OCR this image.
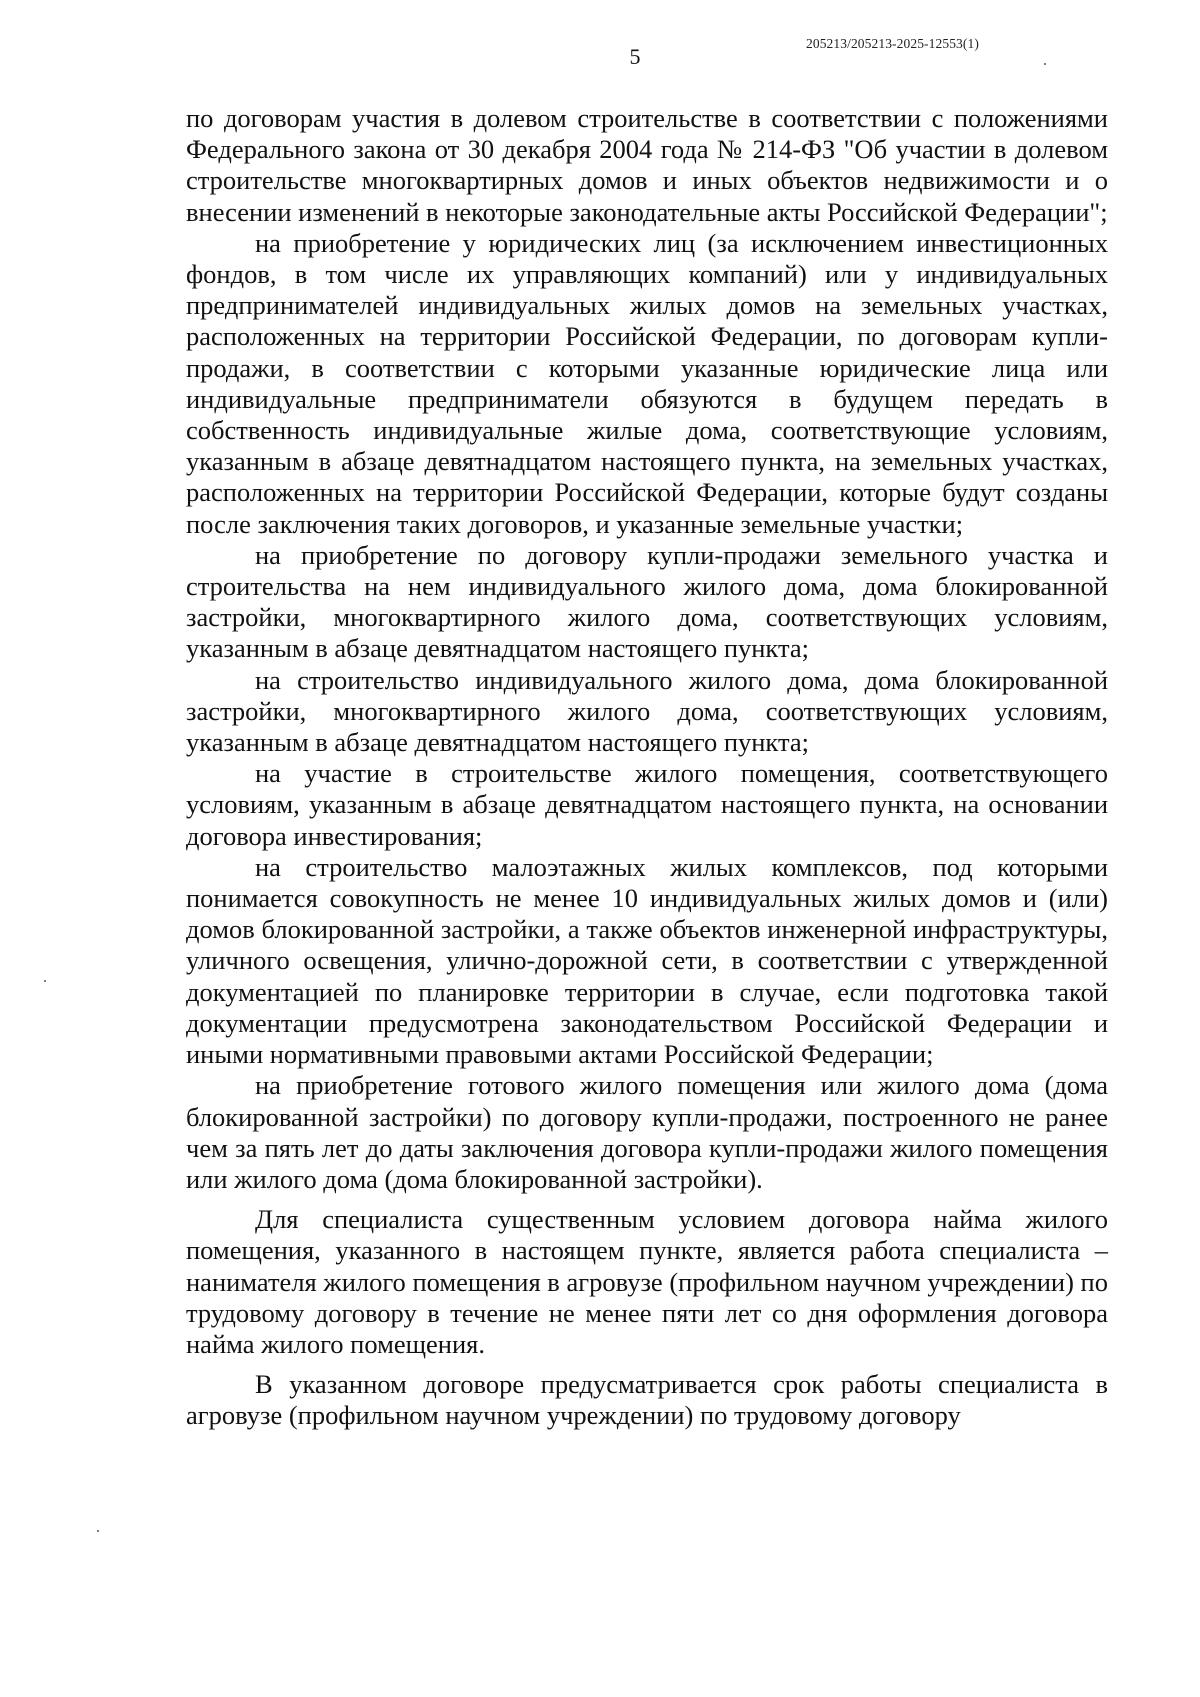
205213/205213-2025-12553(1)
5

по договорам участия в долевом строительстве в соответствии с положениями Федерального закона от 30 декабря 2004 года № 214-ФЗ "Об участии в долевом строительстве многоквартирных домов и иных объектов недвижимости и о внесении изменений в некоторые законодательные акты Российской Федерации";

на приобретение у юридических лиц (за исключением инвестиционных фондов, в том числе их управляющих компаний) или у индивидуальных предпринимателей индивидуальных жилых домов на земельных участках, расположенных на территории Российской Федерации, по договорам купли-продажи, в соответствии с которыми указанные юридические лица или индивидуальные предприниматели обязуются в будущем передать в собственность индивидуальные жилые дома, соответствующие условиям, указанным в абзаце девятнадцатом настоящего пункта, на земельных участках, расположенных на территории Российской Федерации, которые будут созданы после заключения таких договоров, и указанные земельные участки;

на приобретение по договору купли-продажи земельного участка и строительства на нем индивидуального жилого дома, дома блокированной застройки, многоквартирного жилого дома, соответствующих условиям, указанным в абзаце девятнадцатом настоящего пункта;

на строительство индивидуального жилого дома, дома блокированной застройки, многоквартирного жилого дома, соответствующих условиям, указанным в абзаце девятнадцатом настоящего пункта;

на участие в строительстве жилого помещения, соответствующего условиям, указанным в абзаце девятнадцатом настоящего пункта, на основании договора инвестирования;

на строительство малоэтажных жилых комплексов, под которыми понимается совокупность не менее 10 индивидуальных жилых домов и (или) домов блокированной застройки, а также объектов инженерной инфраструктуры, уличного освещения, улично-дорожной сети, в соответствии с утвержденной документацией по планировке территории в случае, если подготовка такой документации предусмотрена законодательством Российской Федерации и иными нормативными правовыми актами Российской Федерации;

на приобретение готового жилого помещения или жилого дома (дома блокированной застройки) по договору купли-продажи, построенного не ранее чем за пять лет до даты заключения договора купли-продажи жилого помещения или жилого дома (дома блокированной застройки).

Для специалиста существенным условием договора найма жилого помещения, указанного в настоящем пункте, является работа специалиста – нанимателя жилого помещения в агровузе (профильном научном учреждении) по трудовому договору в течение не менее пяти лет со дня оформления договора найма жилого помещения.

В указанном договоре предусматривается срок работы специалиста в агровузе (профильном научном учреждении) по трудовому договору
